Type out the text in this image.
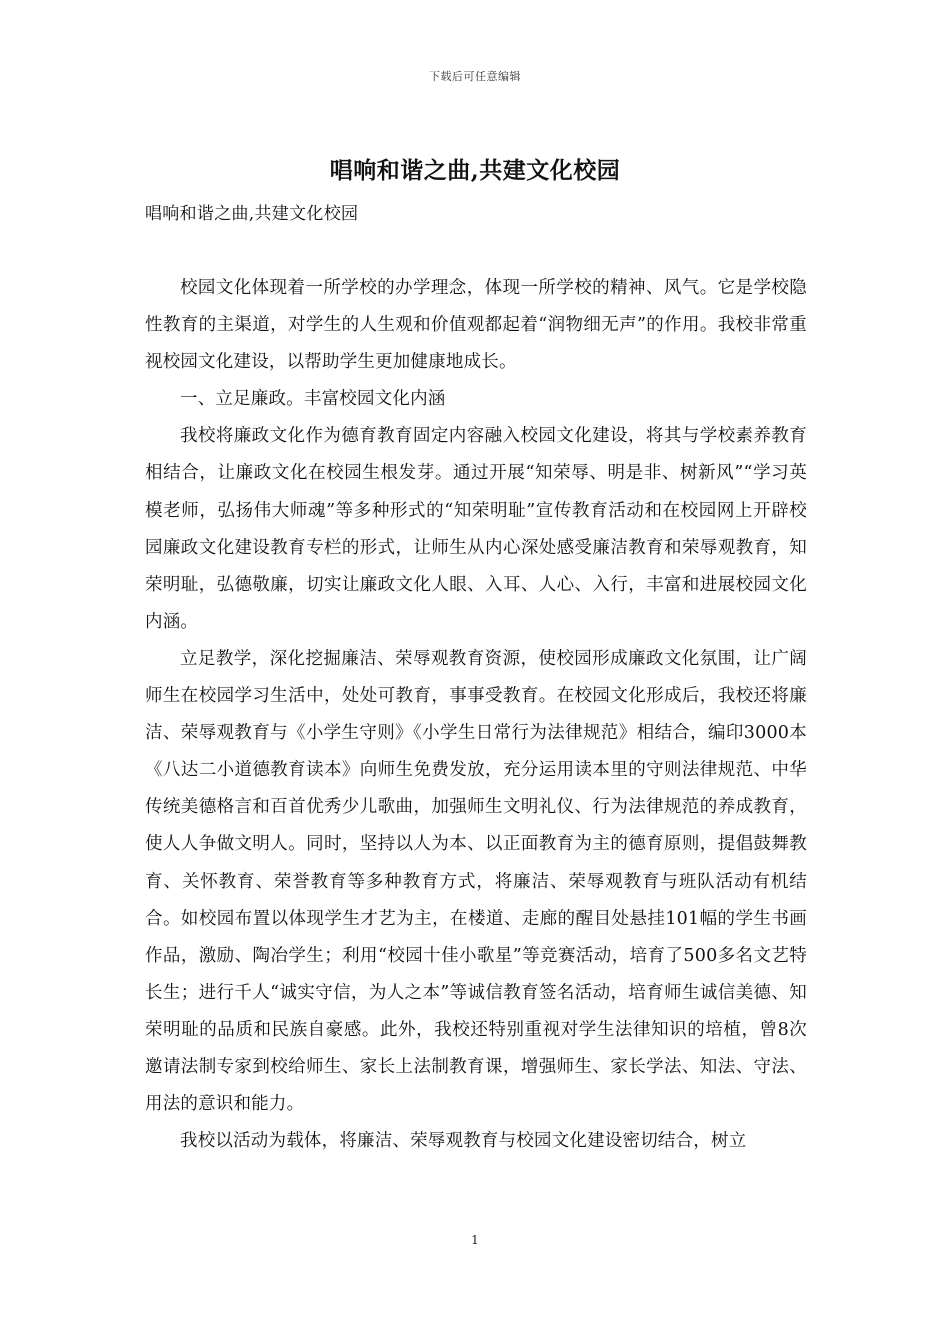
下载后可任意编辑
唱响和谐之曲,共建文化校园
唱响和谐之曲,共建文化校园

校园文化体现着一所学校的办学理念，体现一所学校的精神、风气。它是学校隐性教育的主渠道，对学生的人生观和价值观都起着“润物细无声”的作用。我校非常重视校园文化建设，以帮助学生更加健康地成长。

一、立足廉政。丰富校园文化内涵

我校将廉政文化作为德育教育固定内容融入校园文化建设，将其与学校素养教育相结合，让廉政文化在校园生根发芽。通过开展“知荣辱、明是非、树新风”“学习英模老师，弘扬伟大师魂”等多种形式的“知荣明耻”宣传教育活动和在校园网上开辟校园廉政文化建设教育专栏的形式，让师生从内心深处感受廉洁教育和荣辱观教育，知荣明耻，弘德敬廉，切实让廉政文化人眼、入耳、人心、入行，丰富和进展校园文化内涵。

立足教学，深化挖掘廉洁、荣辱观教育资源，使校园形成廉政文化氛围，让广阔师生在校园学习生活中，处处可教育，事事受教育。在校园文化形成后，我校还将廉洁、荣辱观教育与《小学生守则》《小学生日常行为法律规范》相结合，编印3000本《八达二小道德教育读本》向师生免费发放，充分运用读本里的守则法律规范、中华传统美德格言和百首优秀少儿歌曲，加强师生文明礼仪、行为法律规范的养成教育，使人人争做文明人。同时，坚持以人为本、以正面教育为主的德育原则，提倡鼓舞教育、关怀教育、荣誉教育等多种教育方式，将廉洁、荣辱观教育与班队活动有机结合。如校园布置以体现学生才艺为主，在楼道、走廊的醒目处悬挂101幅的学生书画作品，激励、陶冶学生；利用“校园十佳小歌星”等竞赛活动，培育了500多名文艺特长生；进行千人“诚实守信，为人之本”等诚信教育签名活动，培育师生诚信美德、知荣明耻的品质和民族自豪感。此外，我校还特别重视对学生法律知识的培植，曾8次邀请法制专家到校给师生、家长上法制教育课，增强师生、家长学法、知法、守法、用法的意识和能力。

我校以活动为载体，将廉洁、荣辱观教育与校园文化建设密切结合，树立

1
